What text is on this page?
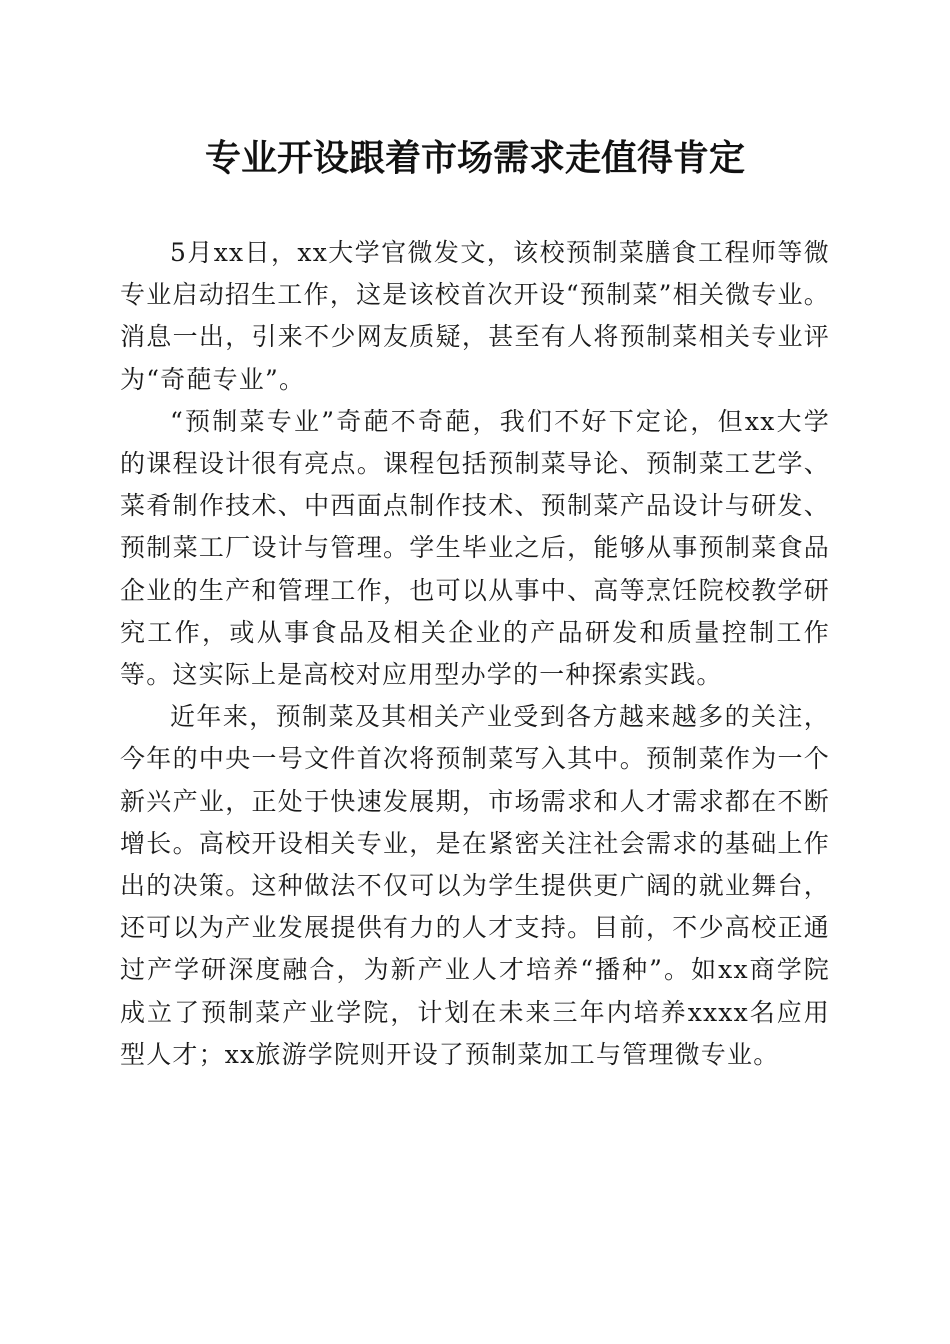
专业开设跟着市场需求走值得肯定

5月xx日，xx大学官微发文，该校预制菜膳食工程师等微专业启动招生工作，这是该校首次开设“预制菜”相关微专业。消息一出，引来不少网友质疑，甚至有人将预制菜相关专业评为“奇葩专业”。

“预制菜专业”奇葩不奇葩，我们不好下定论，但xx大学的课程设计很有亮点。课程包括预制菜导论、预制菜工艺学、菜肴制作技术、中西面点制作技术、预制菜产品设计与研发、预制菜工厂设计与管理。学生毕业之后，能够从事预制菜食品企业的生产和管理工作，也可以从事中、高等烹饪院校教学研究工作，或从事食品及相关企业的产品研发和质量控制工作等。这实际上是高校对应用型办学的一种探索实践。

近年来，预制菜及其相关产业受到各方越来越多的关注，今年的中央一号文件首次将预制菜写入其中。预制菜作为一个新兴产业，正处于快速发展期，市场需求和人才需求都在不断增长。高校开设相关专业，是在紧密关注社会需求的基础上作出的决策。这种做法不仅可以为学生提供更广阔的就业舞台，还可以为产业发展提供有力的人才支持。目前，不少高校正通过产学研深度融合，为新产业人才培养“播种”。如xx商学院成立了预制菜产业学院，计划在未来三年内培养xxxx名应用型人才；xx旅游学院则开设了预制菜加工与管理微专业。
